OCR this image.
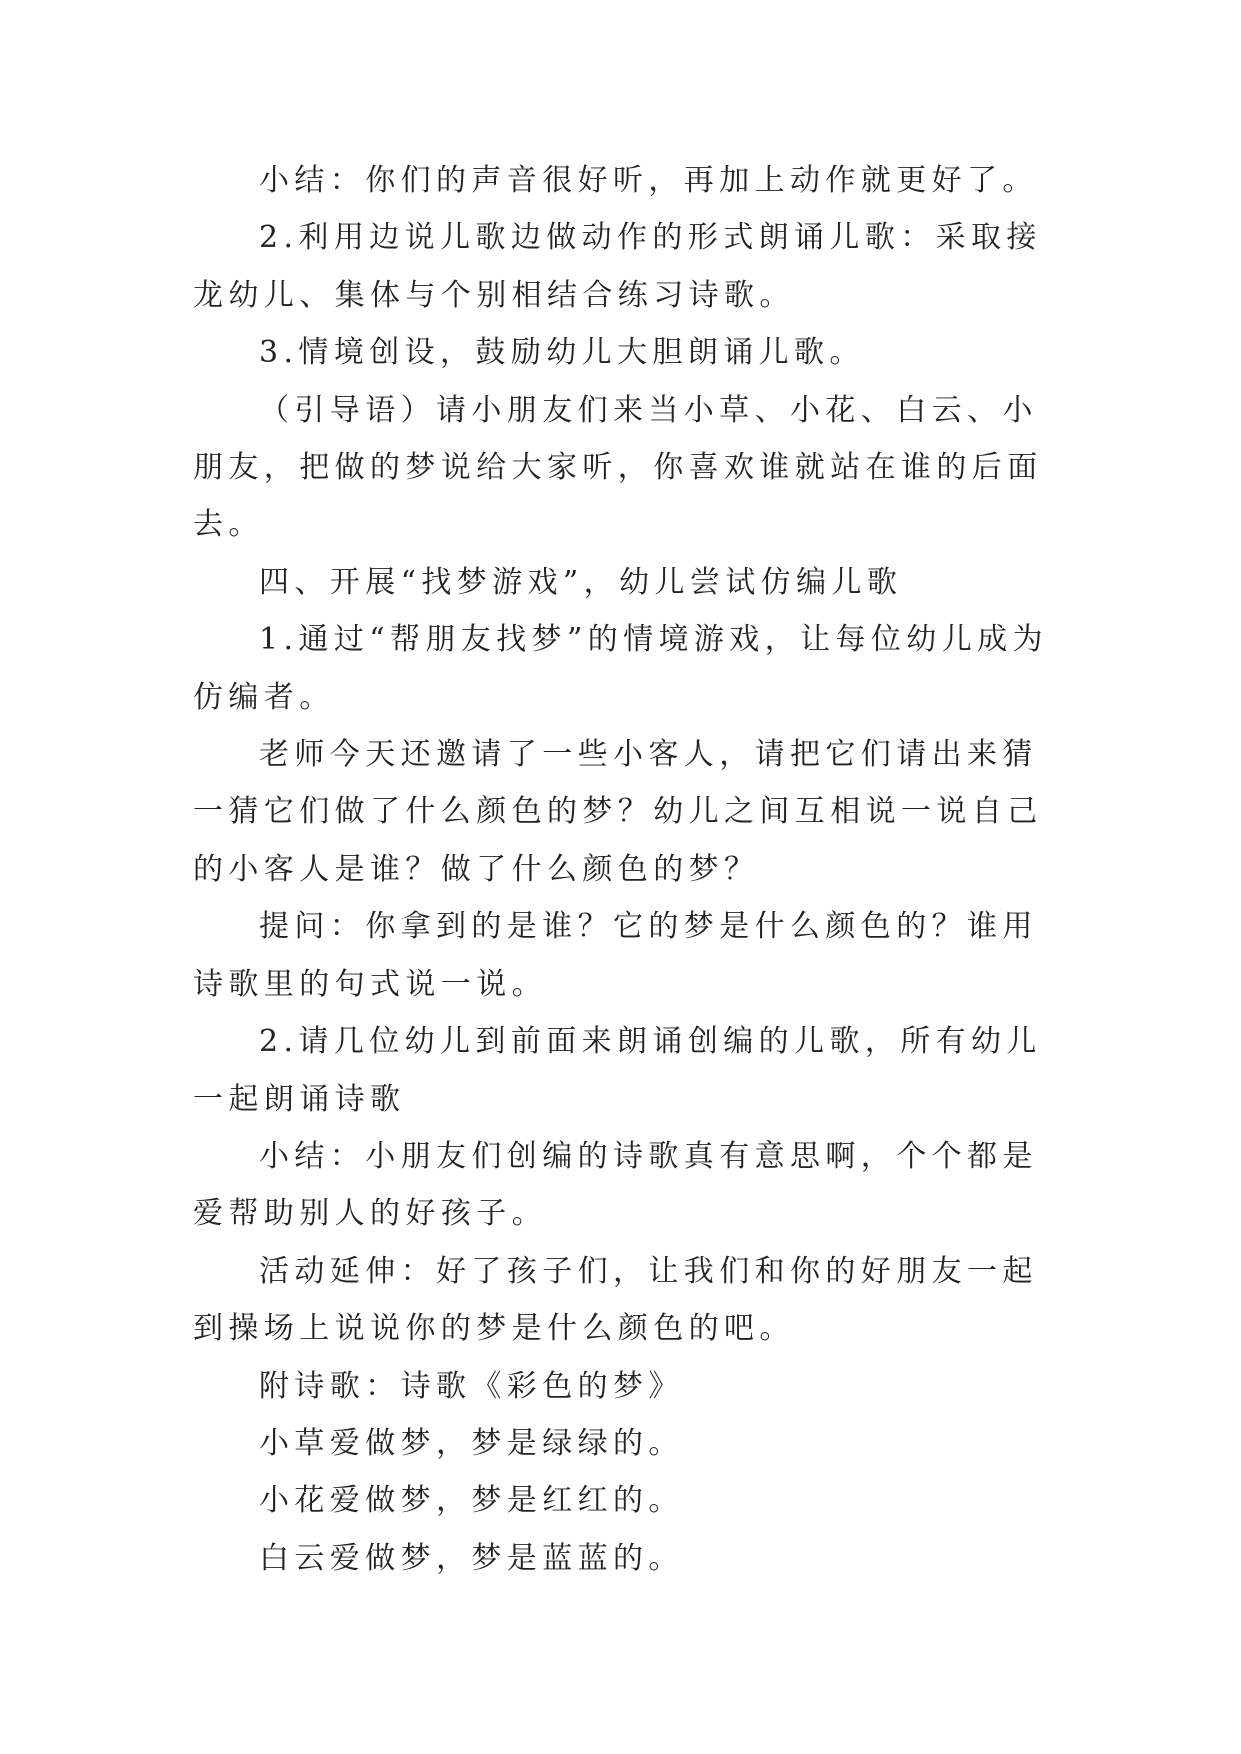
小结：你们的声音很好听，再加上动作就更好了。

2.利用边说儿歌边做动作的形式朗诵儿歌：采取接龙幼儿、集体与个别相结合练习诗歌。

3.情境创设，鼓励幼儿大胆朗诵儿歌。

（引导语）请小朋友们来当小草、小花、白云、小朋友，把做的梦说给大家听，你喜欢谁就站在谁的后面去。

四、开展“找梦游戏”，幼儿尝试仿编儿歌

1.通过“帮朋友找梦”的情境游戏，让每位幼儿成为仿编者。

老师今天还邀请了一些小客人，请把它们请出来猜一猜它们做了什么颜色的梦？幼儿之间互相说一说自己的小客人是谁？做了什么颜色的梦？

提问：你拿到的是谁？它的梦是什么颜色的？谁用诗歌里的句式说一说。

2.请几位幼儿到前面来朗诵创编的儿歌，所有幼儿一起朗诵诗歌

小结：小朋友们创编的诗歌真有意思啊，个个都是爱帮助别人的好孩子。

活动延伸：好了孩子们，让我们和你的好朋友一起到操场上说说你的梦是什么颜色的吧。

附诗歌：诗歌《彩色的梦》

小草爱做梦，梦是绿绿的。

小花爱做梦，梦是红红的。

白云爱做梦，梦是蓝蓝的。
